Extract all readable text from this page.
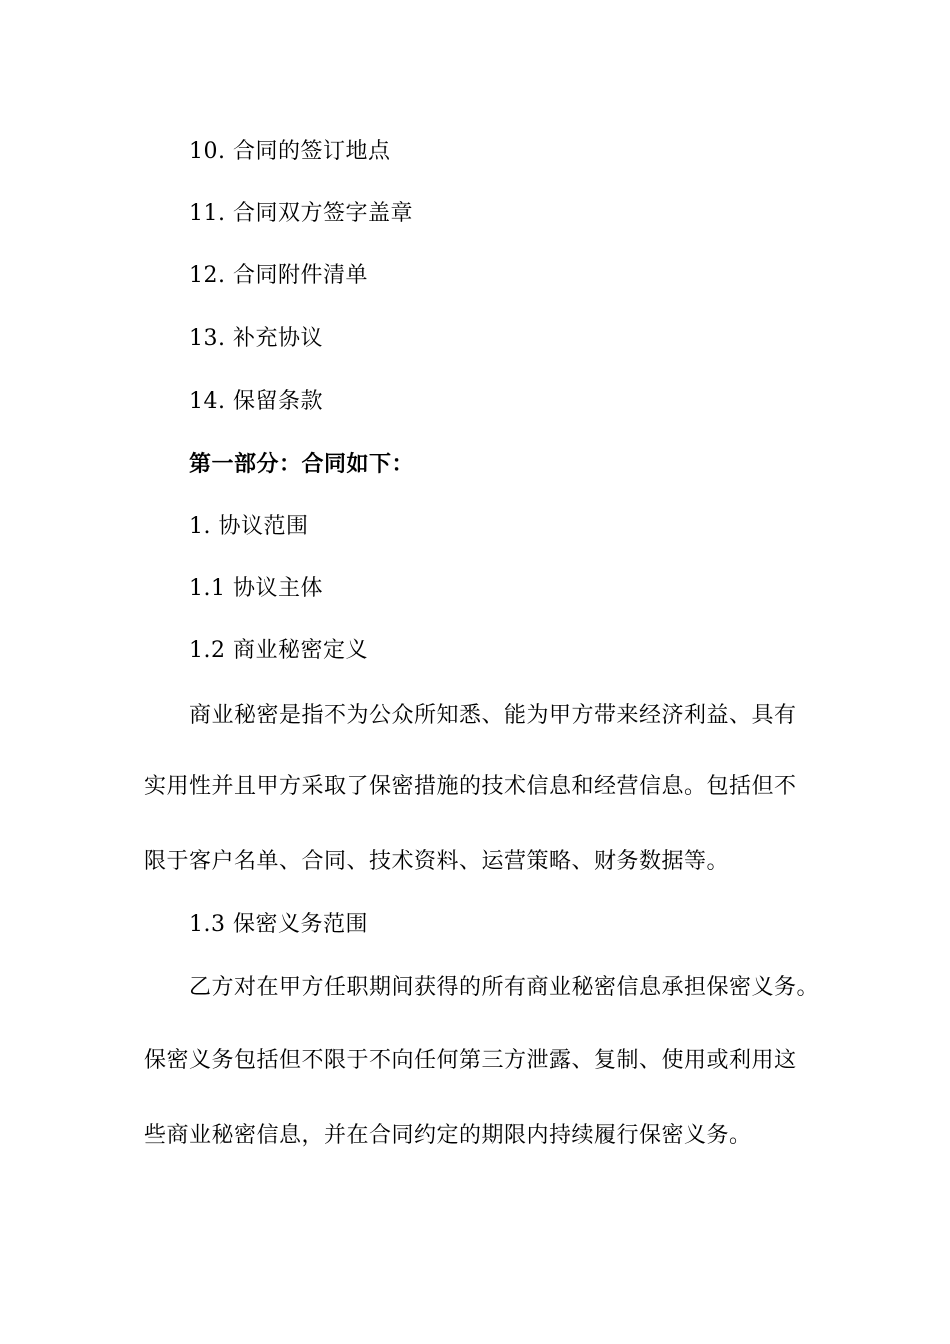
10. 合同的签订地点
11. 合同双方签字盖章
12. 合同附件清单
13. 补充协议
14. 保留条款
第一部分：合同如下：
1. 协议范围
1.1 协议主体
1.2 商业秘密定义
商业秘密是指不为公众所知悉、能为甲方带来经济利益、具有
实用性并且甲方采取了保密措施的技术信息和经营信息。包括但不
限于客户名单、合同、技术资料、运营策略、财务数据等。
1.3 保密义务范围
乙方对在甲方任职期间获得的所有商业秘密信息承担保密义务。
保密义务包括但不限于不向任何第三方泄露、复制、使用或利用这
些商业秘密信息，并在合同约定的期限内持续履行保密义务。
